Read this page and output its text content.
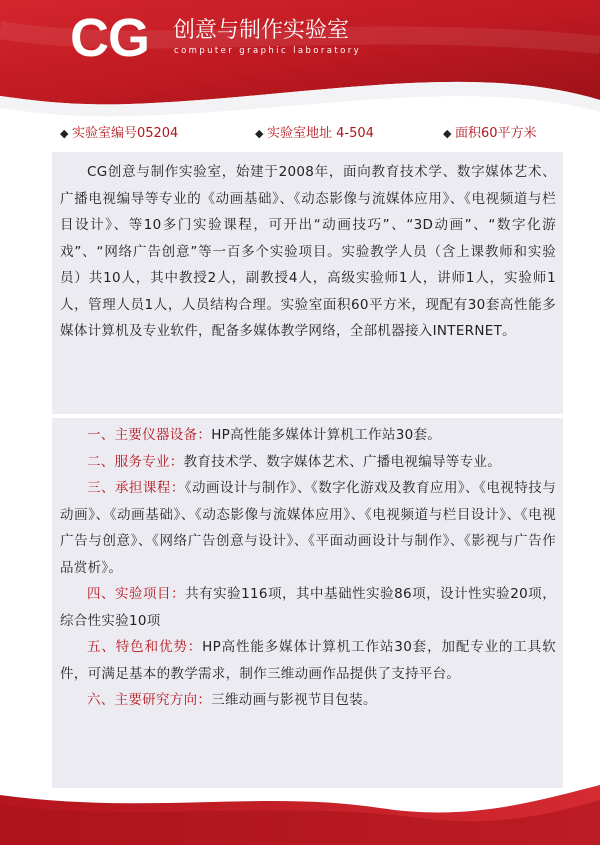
CG 创意与制作实验室
computer graphic laboratory
◆ 实验室编号05204	◆ 实验室地址 4-504	◆ 面积60平方米

CG创意与制作实验室，始建于2008年，面向教育技术学、数字媒体艺术、广播电视编导等专业的《动画基础》、《动态影像与流媒体应用》、《电视频道与栏目设计》、等10多门实验课程，可开出“动画技巧”、“3D动画”、“数字化游戏”、“网络广告创意”等一百多个实验项目。实验教学人员（含上课教师和实验员）共10人，其中教授2人，副教授4人，高级实验师1人，讲师1人，实验师1人，管理人员1人，人员结构合理。实验室面积60平方米，现配有30套高性能多媒体计算机及专业软件，配备多媒体教学网络，全部机器接入INTERNET。

一、主要仪器设备：HP高性能多媒体计算机工作站30套。

二、服务专业：教育技术学、数字媒体艺术、广播电视编导等专业。

三、承担课程：《动画设计与制作》、《数字化游戏及教育应用》、《电视特技与动画》、《动画基础》、《动态影像与流媒体应用》、《电视频道与栏目设计》、《电视广告与创意》、《网络广告创意与设计》、《平面动画设计与制作》、《影视与广告作品赏析》。

四、实验项目：共有实验116项，其中基础性实验86项，设计性实验20项，综合性实验10项

五、特色和优势：HP高性能多媒体计算机工作站30套，加配专业的工具软件，可满足基本的教学需求，制作三维动画作品提供了支持平台。

六、主要研究方向：三维动画与影视节目包装。
